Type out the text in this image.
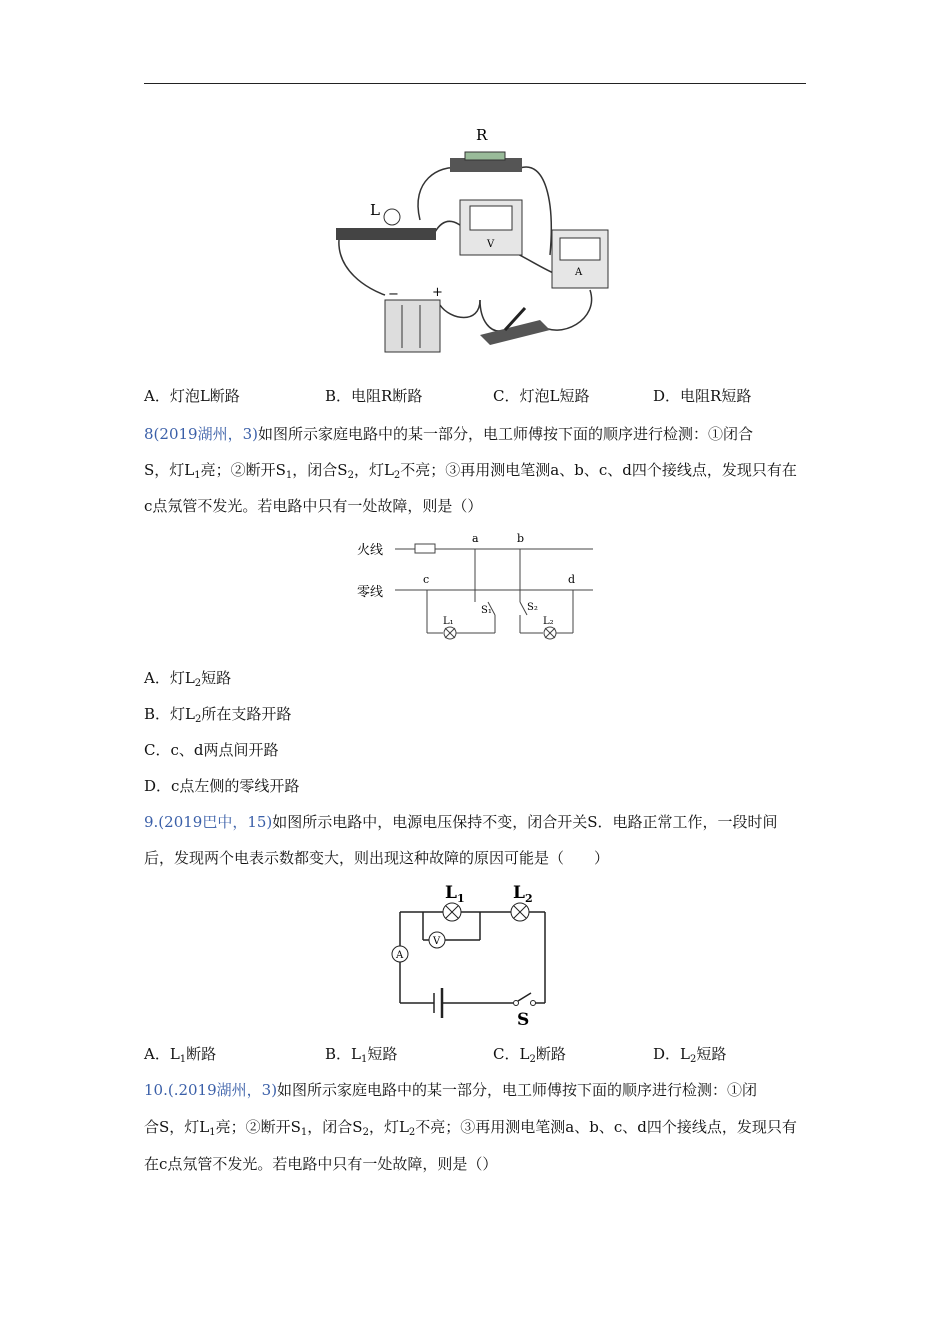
R
L
V
A
−	+
A．灯泡L断路	B．电阻R断路	C．灯泡L短路	D．电阻R短路
8(2019湖州，3)如图所示家庭电路中的某一部分，电工师傅按下面的顺序进行检测：①闭合
S，灯$L_1$亮；②断开$S_1$，闭合$S_2$，灯$L_2$不亮；③再用测电笔测a、b、c、d四个接线点，发现只有在
c点氖管不发光。若电路中只有一处故障，则是（）
火线
零线
a	b
c	d
L₁
S₁	S₂
L₂
A．灯$L_2$短路
B．灯$L_2$所在支路开路
C．c、d两点间开路
D．c点左侧的零线开路
9.(2019巴中，15)如图所示电路中，电源电压保持不变，闭合开关S．电路正常工作，一段时间
后，发现两个电表示数都变大，则出现这种故障的原因可能是（　　）
L 1	L 2
V
A
S
A．$L_1$断路	B．$L_1$短路	C．$L_2$断路	D．$L_2$短路
10.(.2019湖州，3)如图所示家庭电路中的某一部分，电工师傅按下面的顺序进行检测：①闭
合S，灯$L_1$亮；②断开$S_1$，闭合$S_2$，灯$L_2$不亮；③再用测电笔测a、b、c、d四个接线点，发现只有
在c点氖管不发光。若电路中只有一处故障，则是（）
